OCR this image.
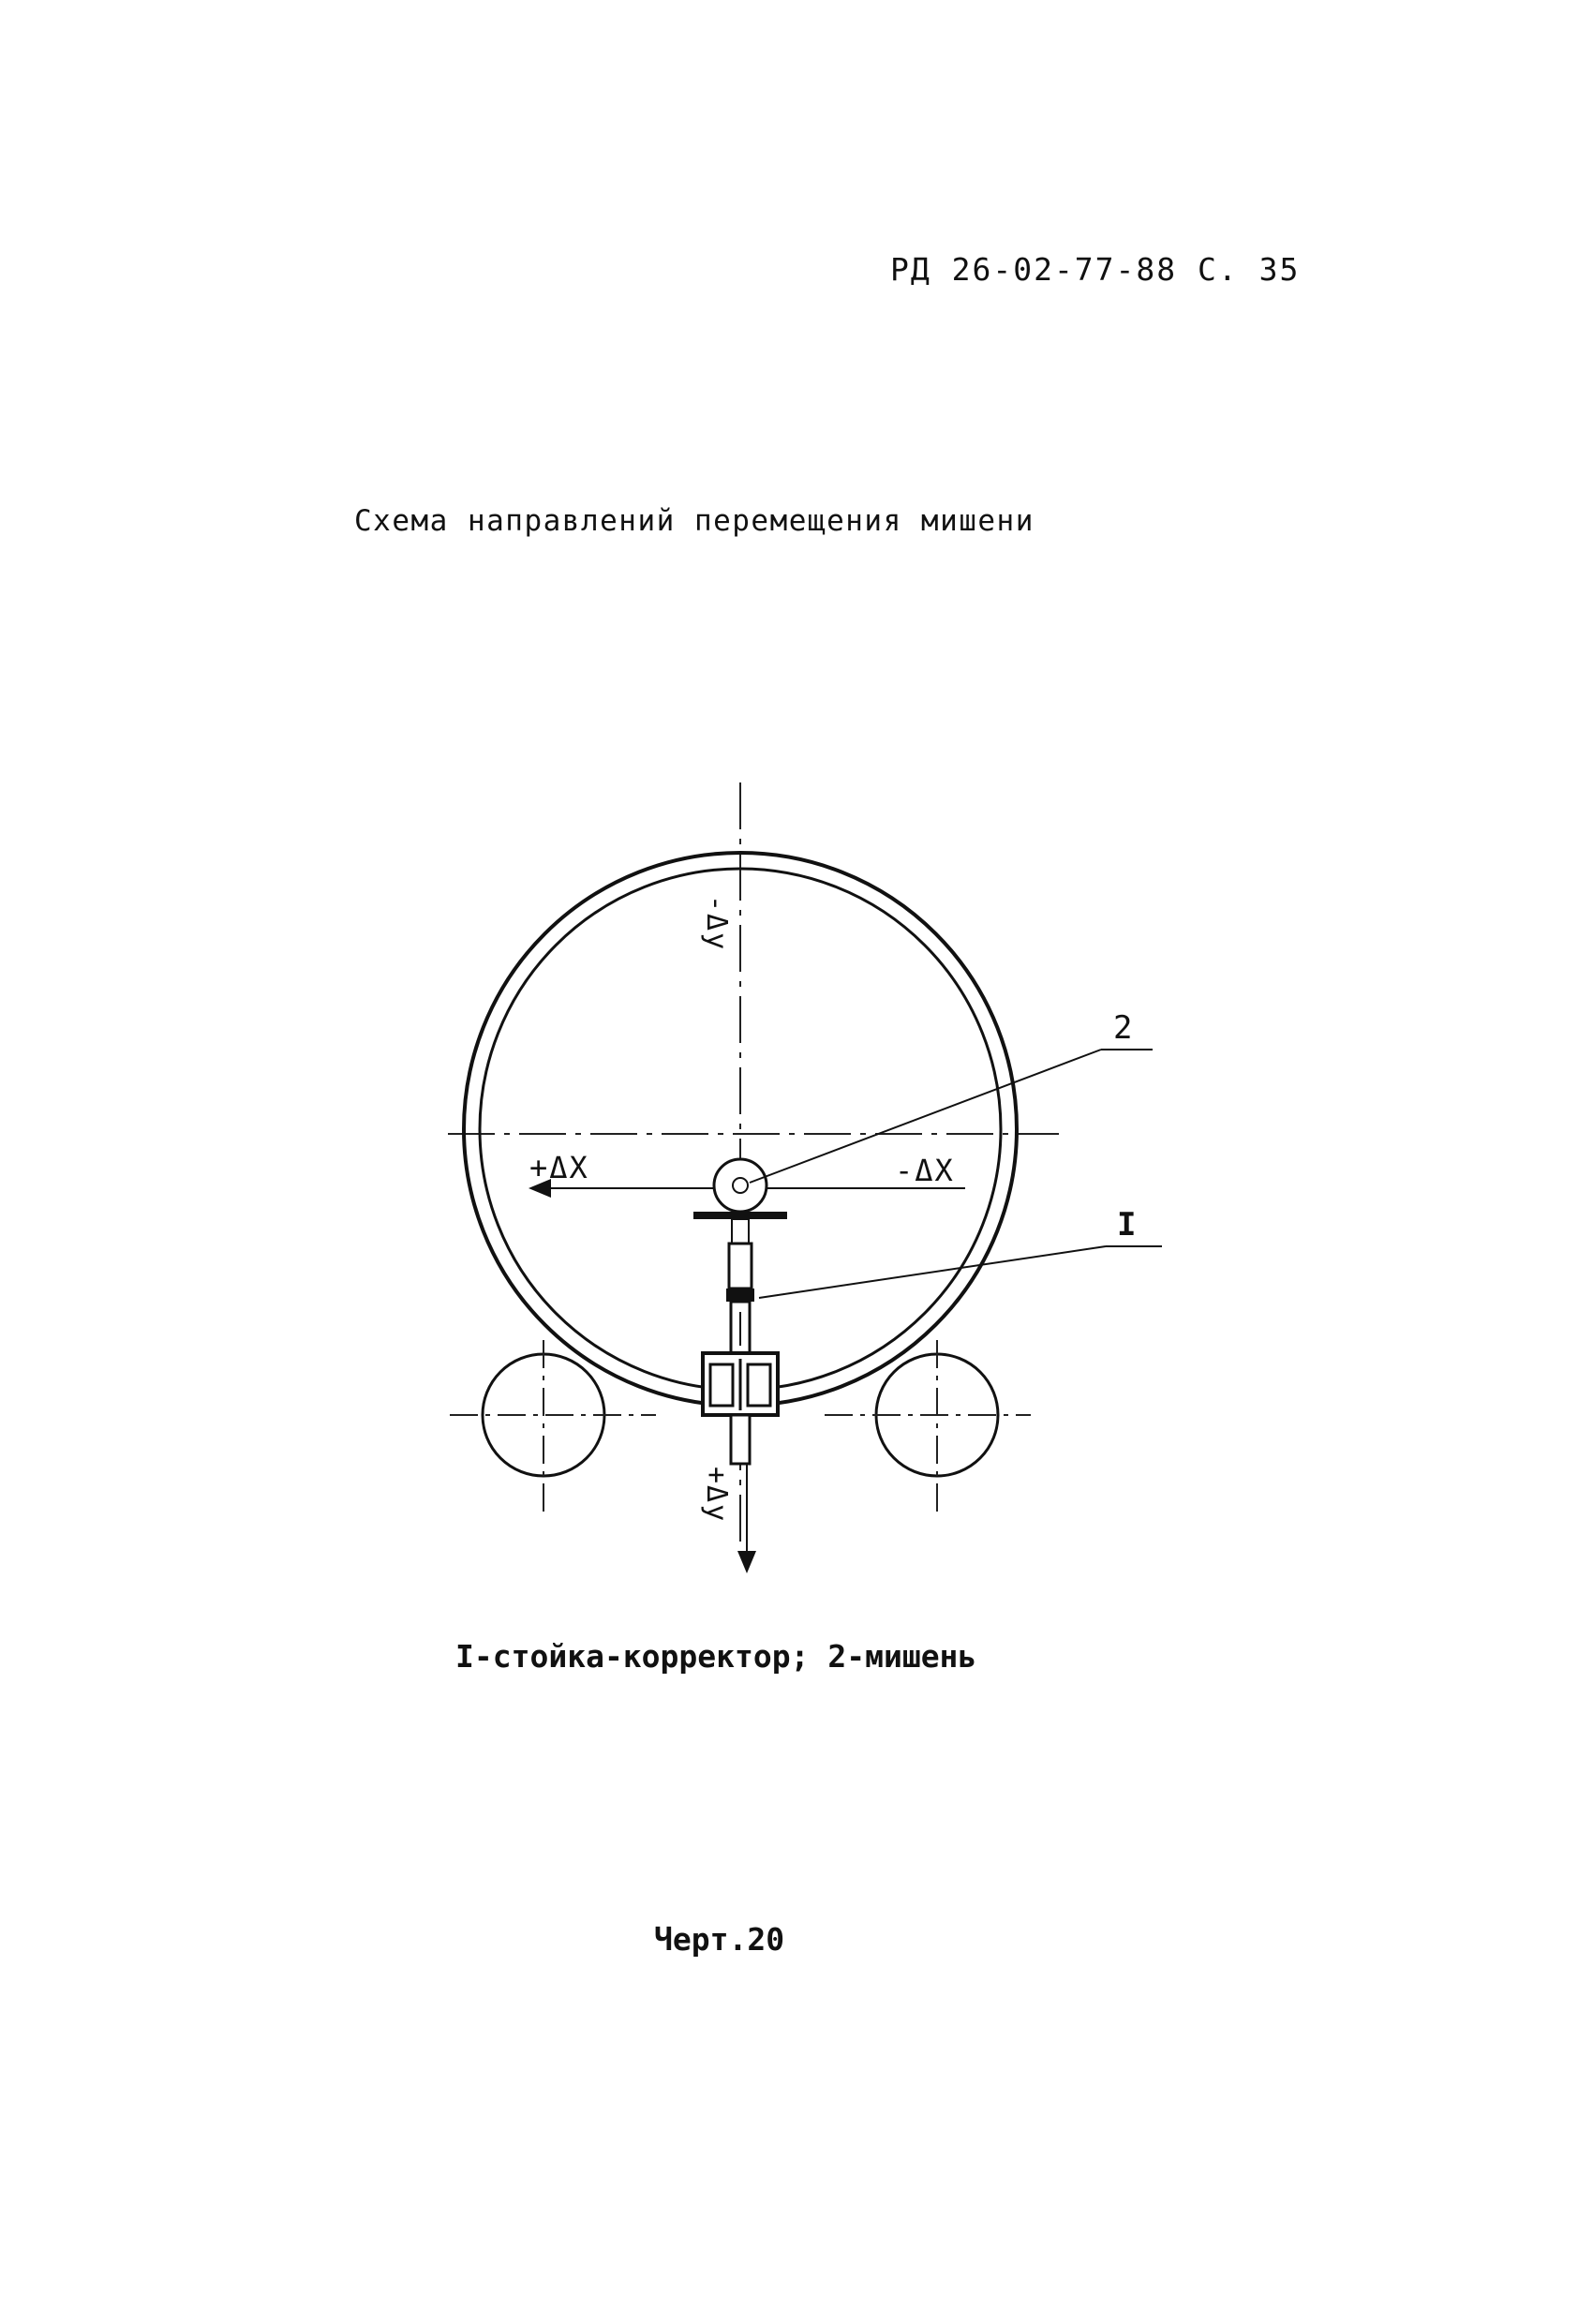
РД 26-02-77-88 С. 35
Схема направлений перемещения мишени
-Δу
+Δу
+ΔX	-ΔX
2
I
I-стойка-корректор; 2-мишень
Черт.20
